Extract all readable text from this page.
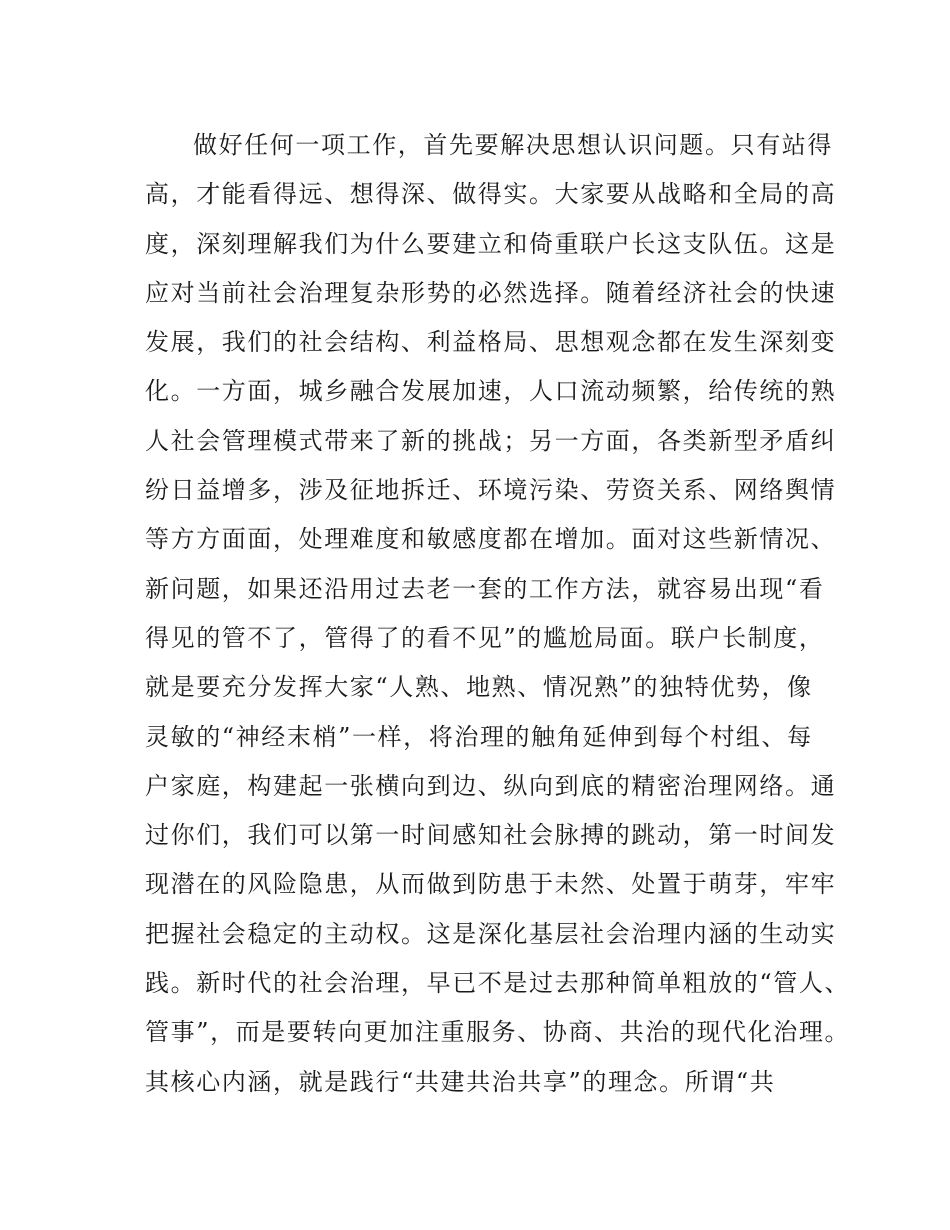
做好任何一项工作，首先要解决思想认识问题。只有站得
高，才能看得远、想得深、做得实。大家要从战略和全局的高
度，深刻理解我们为什么要建立和倚重联户长这支队伍。这是
应对当前社会治理复杂形势的必然选择。随着经济社会的快速
发展，我们的社会结构、利益格局、思想观念都在发生深刻变
化。一方面，城乡融合发展加速，人口流动频繁，给传统的熟
人社会管理模式带来了新的挑战；另一方面，各类新型矛盾纠
纷日益增多，涉及征地拆迁、环境污染、劳资关系、网络舆情
等方方面面，处理难度和敏感度都在增加。面对这些新情况、
新问题，如果还沿用过去老一套的工作方法，就容易出现“看
得见的管不了，管得了的看不见”的尴尬局面。联户长制度，
就是要充分发挥大家“人熟、地熟、情况熟”的独特优势，像
灵敏的“神经末梢”一样，将治理的触角延伸到每个村组、每
户家庭，构建起一张横向到边、纵向到底的精密治理网络。通
过你们，我们可以第一时间感知社会脉搏的跳动，第一时间发
现潜在的风险隐患，从而做到防患于未然、处置于萌芽，牢牢
把握社会稳定的主动权。这是深化基层社会治理内涵的生动实
践。新时代的社会治理，早已不是过去那种简单粗放的“管人、
管事”，而是要转向更加注重服务、协商、共治的现代化治理。
其核心内涵，就是践行“共建共治共享”的理念。所谓“共
